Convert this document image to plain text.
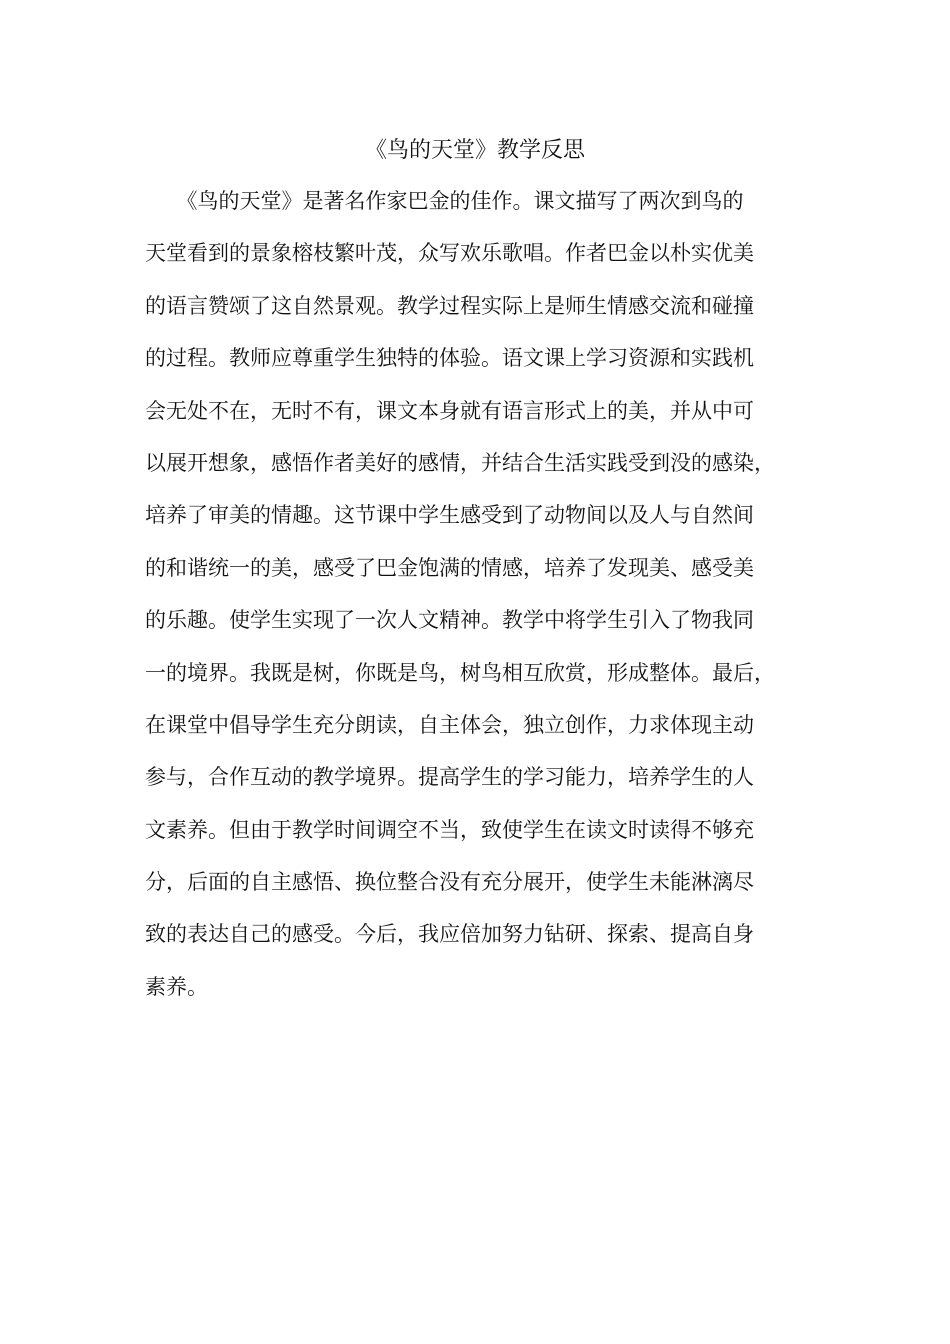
《鸟的天堂》教学反思
　　《鸟的天堂》是著名作家巴金的佳作。课文描写了两次到鸟的
天堂看到的景象榕枝繁叶茂，众写欢乐歌唱。作者巴金以朴实优美
的语言赞颂了这自然景观。教学过程实际上是师生情感交流和碰撞
的过程。教师应尊重学生独特的体验。语文课上学习资源和实践机
会无处不在，无时不有，课文本身就有语言形式上的美，并从中可
以展开想象，感悟作者美好的感情，并结合生活实践受到没的感染，
培养了审美的情趣。这节课中学生感受到了动物间以及人与自然间
的和谐统一的美，感受了巴金饱满的情感，培养了发现美、感受美
的乐趣。使学生实现了一次人文精神。教学中将学生引入了物我同
一的境界。我既是树，你既是鸟，树鸟相互欣赏，形成整体。最后，
在课堂中倡导学生充分朗读，自主体会，独立创作，力求体现主动
参与，合作互动的教学境界。提高学生的学习能力，培养学生的人
文素养。但由于教学时间调空不当，致使学生在读文时读得不够充
分，后面的自主感悟、换位整合没有充分展开，使学生未能淋漓尽
致的表达自己的感受。今后，我应倍加努力钻研、探索、提高自身
素养。
